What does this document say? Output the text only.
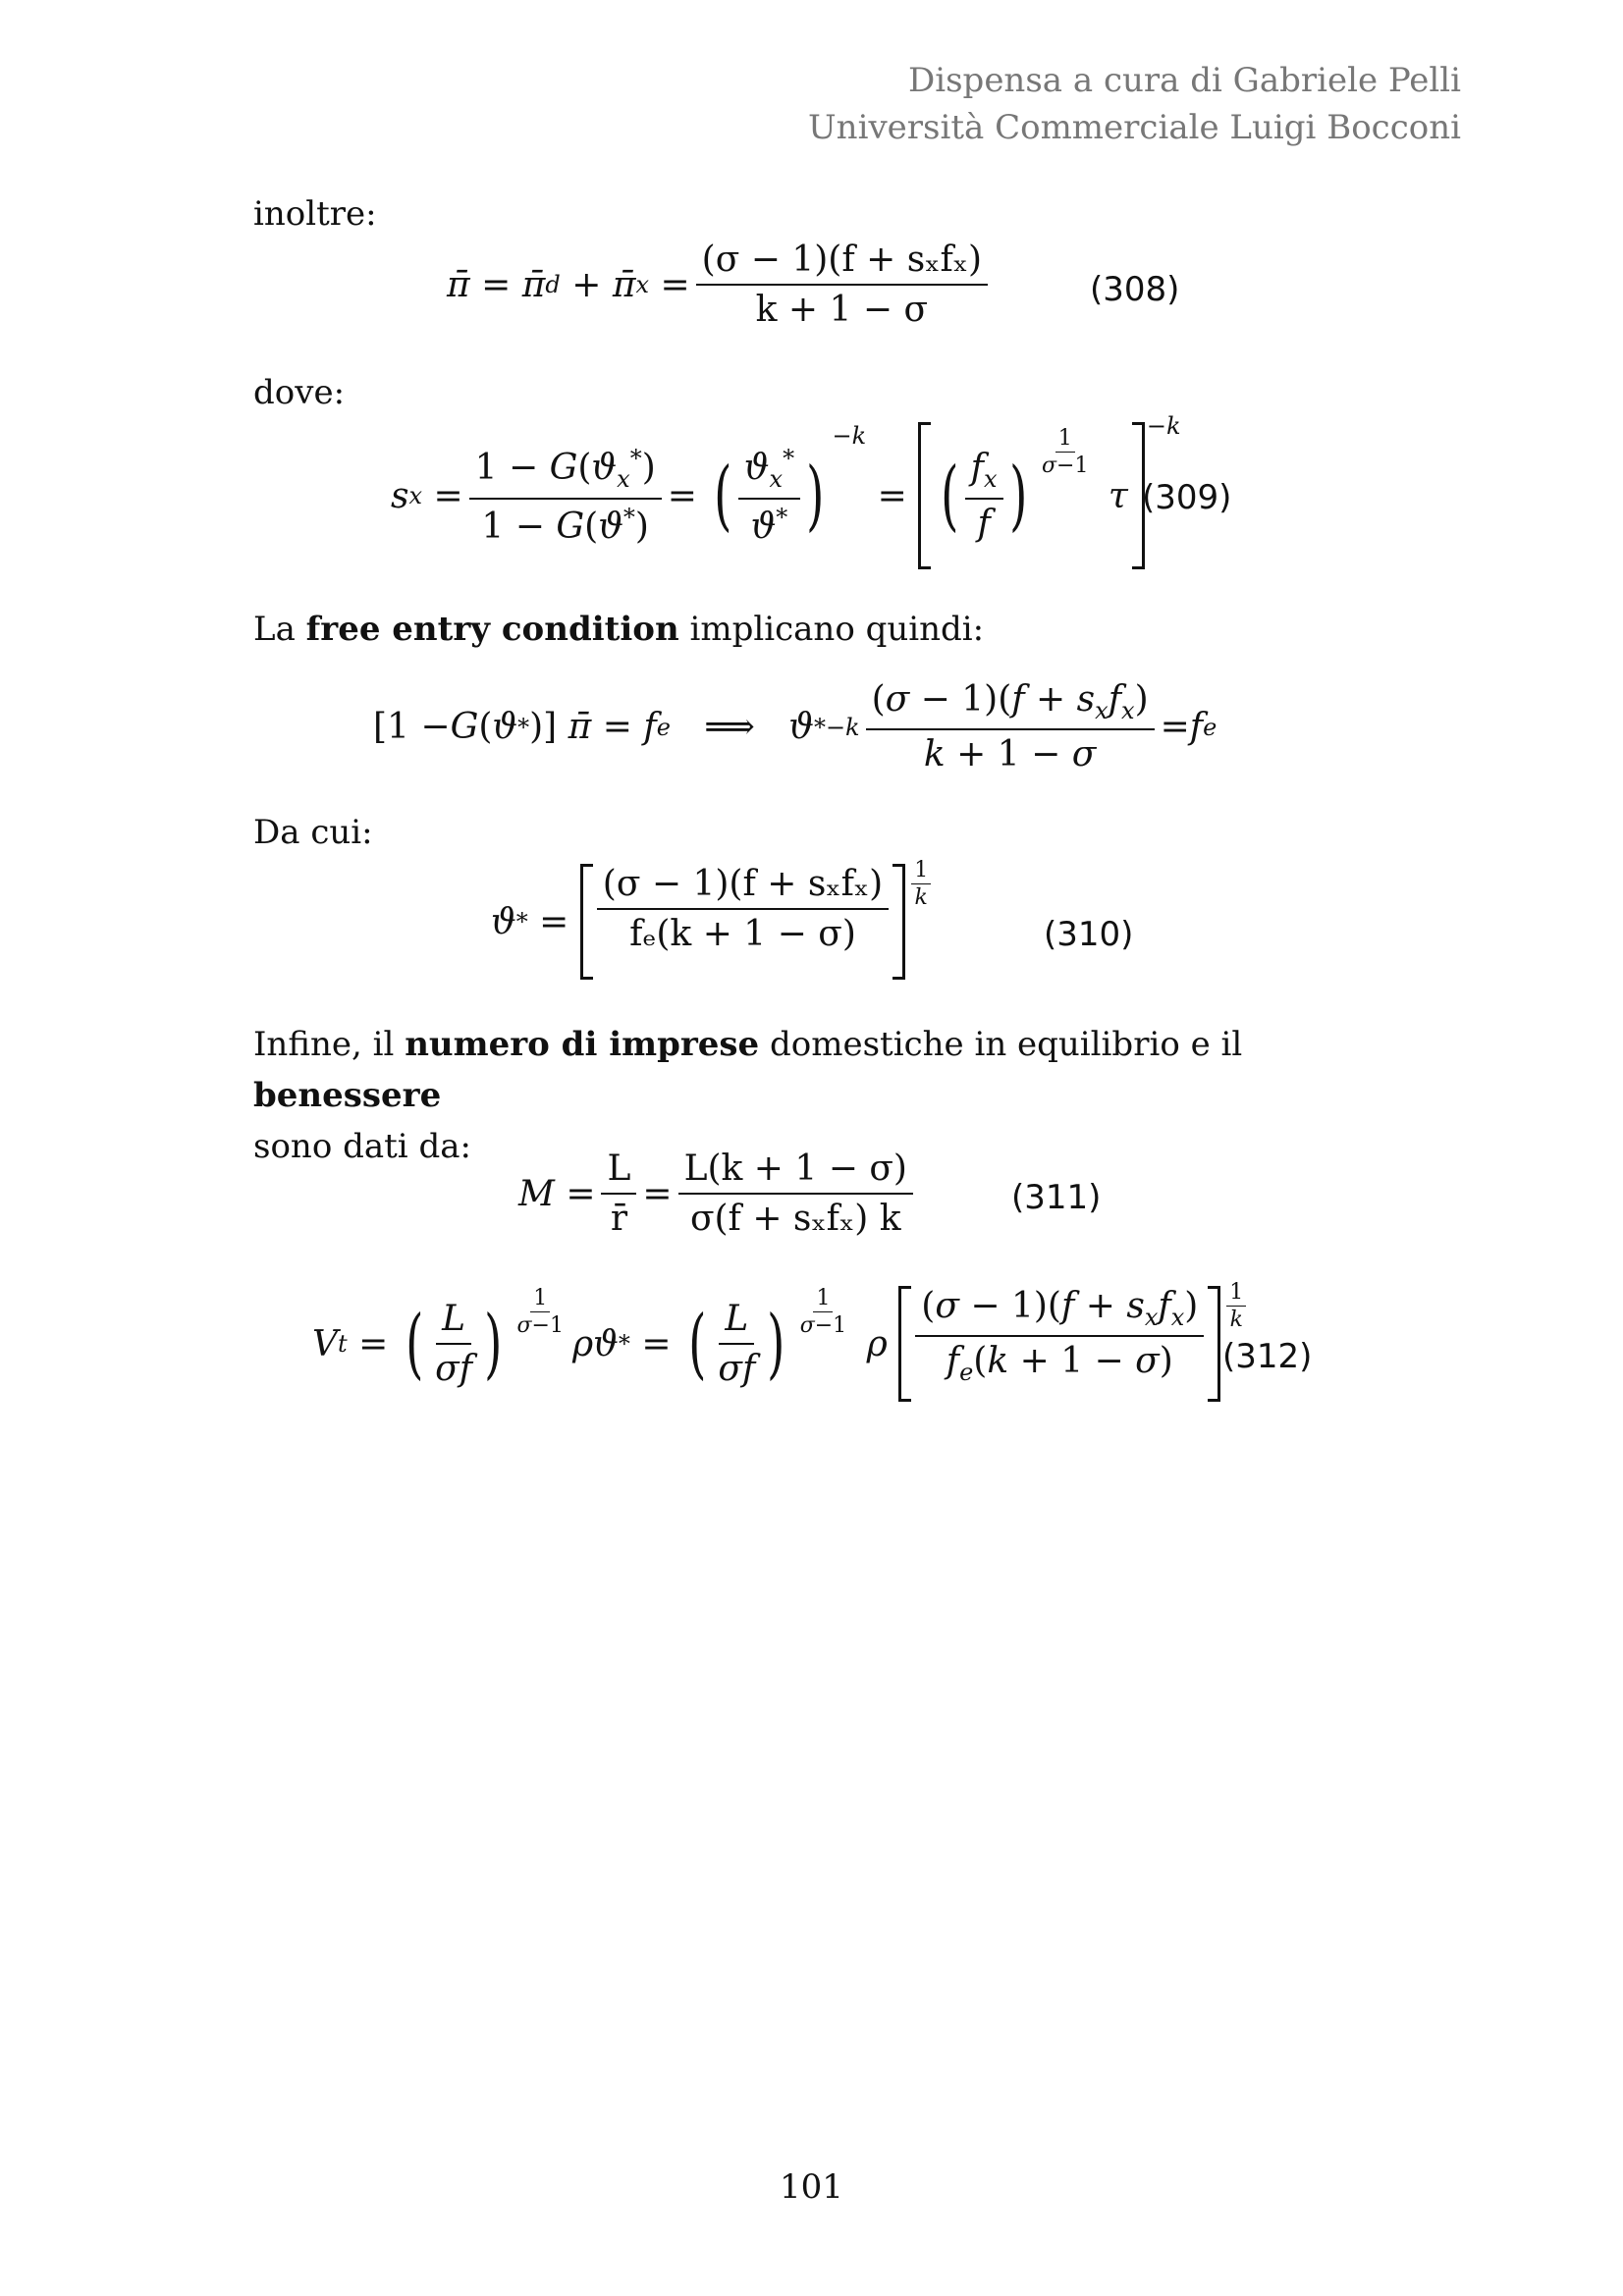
Dispensa a cura di Gabriele Pelli
Università Commerciale Luigi Bocconi
inoltre:
π̄ = π̄ d + π̄ $x = \frac{\text{(σ − 1)(f + sₓfₓ)}}{k + 1 - \sigma}$	(308)
dove:
s $x = \frac{1 - G(ϑ_x^*)}{1 - G(ϑ^*)}$ = ( $\frac{ϑ_x^*}{ϑ^*}$ )
−k
= ( $\frac{f_x}{f}$ ) $\frac{1}{\sigma-1}$

τ
−k
(309)
La free entry condition implicano quindi:
[1 − G ( ϑ * )] π̄ = f e ⟹ ϑ $*-k \frac{(\sigma - 1)(f + s_xf_x)}{k + 1 - \sigma} = f$ e
Da cui:
ϑ * = $\frac{\text{(σ − 1)(f + sₓfₓ)}}{\text{fₑ(k + 1 − σ)}} \frac{1}{k}$
(310)
Infine, il numero di imprese domestiche in equilibrio e il benessere
sono dati da:
$M = \frac{L}{r̄} = \frac{L(k + 1 - \sigma)}{\text{σ(f + sₓfₓ) k}}$	(311)
V t = ( $\frac{L}{\sigma f}$ ) $\frac{1}{\sigma-1}$
ρϑ * = ( $\frac{L}{\sigma f}$ ) $\frac{1}{\sigma-1}$

ρ
$\frac{(\sigma - 1)(f + s_xf_x)}{f_e(k + 1 - \sigma)} \frac{1}{k}$
(312)
101
